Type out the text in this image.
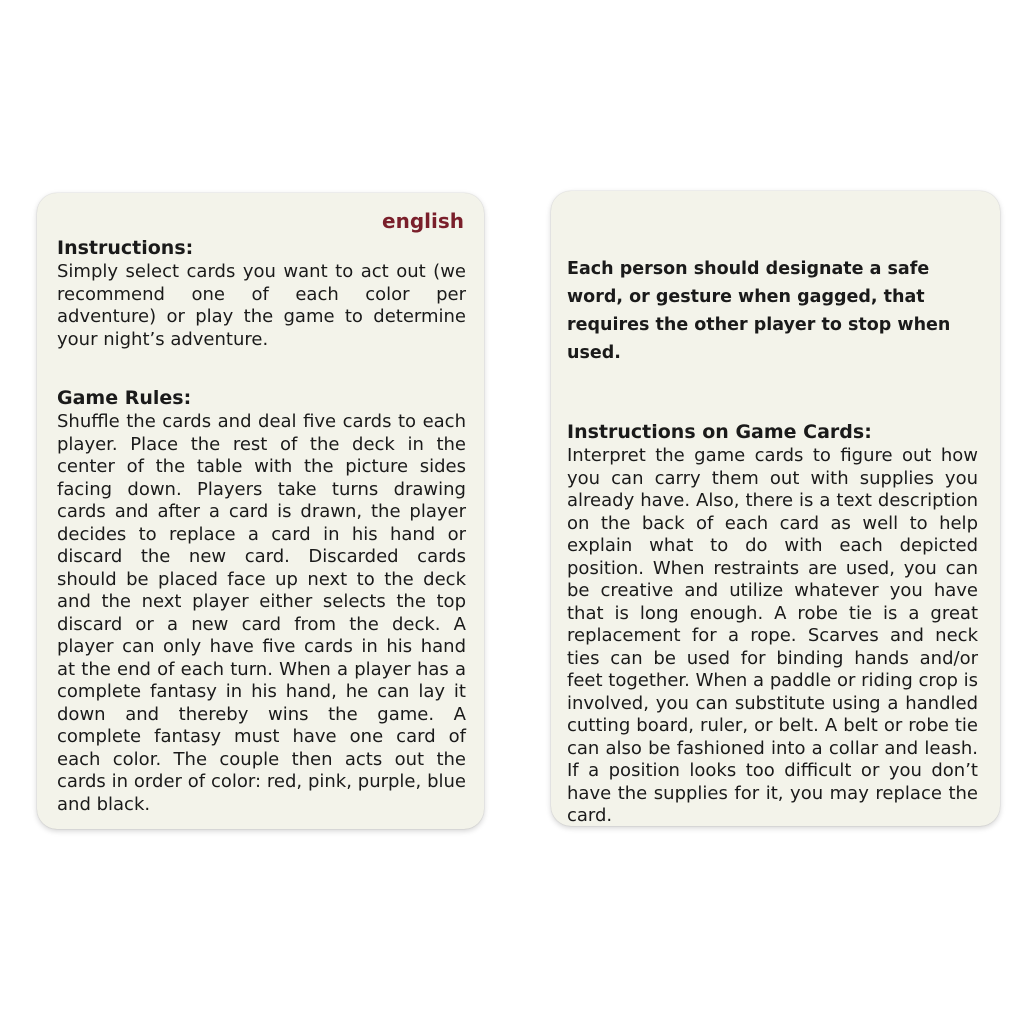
english
Instructions:

Simply select cards you want to act out (we recommend one of each color per adventure) or play the game to determine your night’s adventure.

Game Rules:

Shuffle the cards and deal five cards to each player. Place the rest of the deck in the center of the table with the picture sides facing down. Players take turns drawing cards and after a card is drawn, the player decides to replace a card in his hand or discard the new card. Discarded cards should be placed face up next to the deck and the next player either selects the top discard or a new card from the deck. A player can only have five cards in his hand at the end of each turn. When a player has a complete fantasy in his hand, he can lay it down and thereby wins the game. A complete fantasy must have one card of each color. The couple then acts out the cards in order of color: red, pink, purple, blue and black.

Each person should designate a safe word, or gesture when gagged, that requires the other player to stop when used.

Instructions on Game Cards:

Interpret the game cards to figure out how you can carry them out with supplies you already have. Also, there is a text description on the back of each card as well to help explain what to do with each depicted position. When restraints are used, you can be creative and utilize whatever you have that is long enough. A robe tie is a great replacement for a rope. Scarves and neck ties can be used for binding hands and/or feet together. When a paddle or riding crop is involved, you can substitute using a handled cutting board, ruler, or belt. A belt or robe tie can also be fashioned into a collar and leash. If a position looks too difficult or you don’t have the supplies for it, you may replace the card.
